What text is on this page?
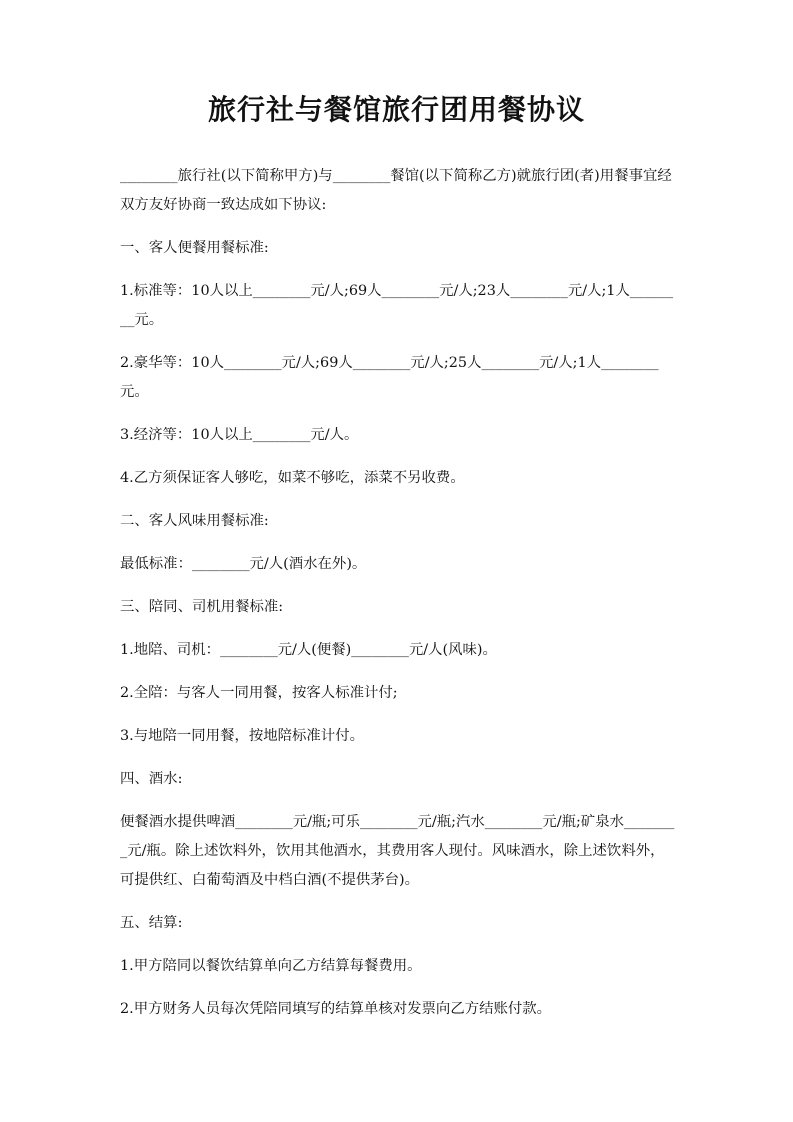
旅行社与餐馆旅行团用餐协议

________旅行社(以下简称甲方)与________餐馆(以下简称乙方)就旅行团(者)用餐事宜经双方友好协商一致达成如下协议:

一、客人便餐用餐标准:

1.标准等：10人以上________元/人;69人________元/人;23人________元/人;1人________元。

2.豪华等：10人________元/人;69人________元/人;25人________元/人;1人________元。

3.经济等：10人以上________元/人。

4.乙方须保证客人够吃，如菜不够吃，添菜不另收费。

二、客人风味用餐标准:

最低标准：________元/人(酒水在外)。

三、陪同、司机用餐标准:

1.地陪、司机：________元/人(便餐)________元/人(风味)。

2.全陪：与客人一同用餐，按客人标准计付;

3.与地陪一同用餐，按地陪标准计付。

四、酒水:

便餐酒水提供啤酒________元/瓶;可乐________元/瓶;汽水________元/瓶;矿泉水________元/瓶。除上述饮料外，饮用其他酒水，其费用客人现付。风味酒水，除上述饮料外，可提供红、白葡萄酒及中档白酒(不提供茅台)。

五、结算:

1.甲方陪同以餐饮结算单向乙方结算每餐费用。

2.甲方财务人员每次凭陪同填写的结算单核对发票向乙方结账付款。
